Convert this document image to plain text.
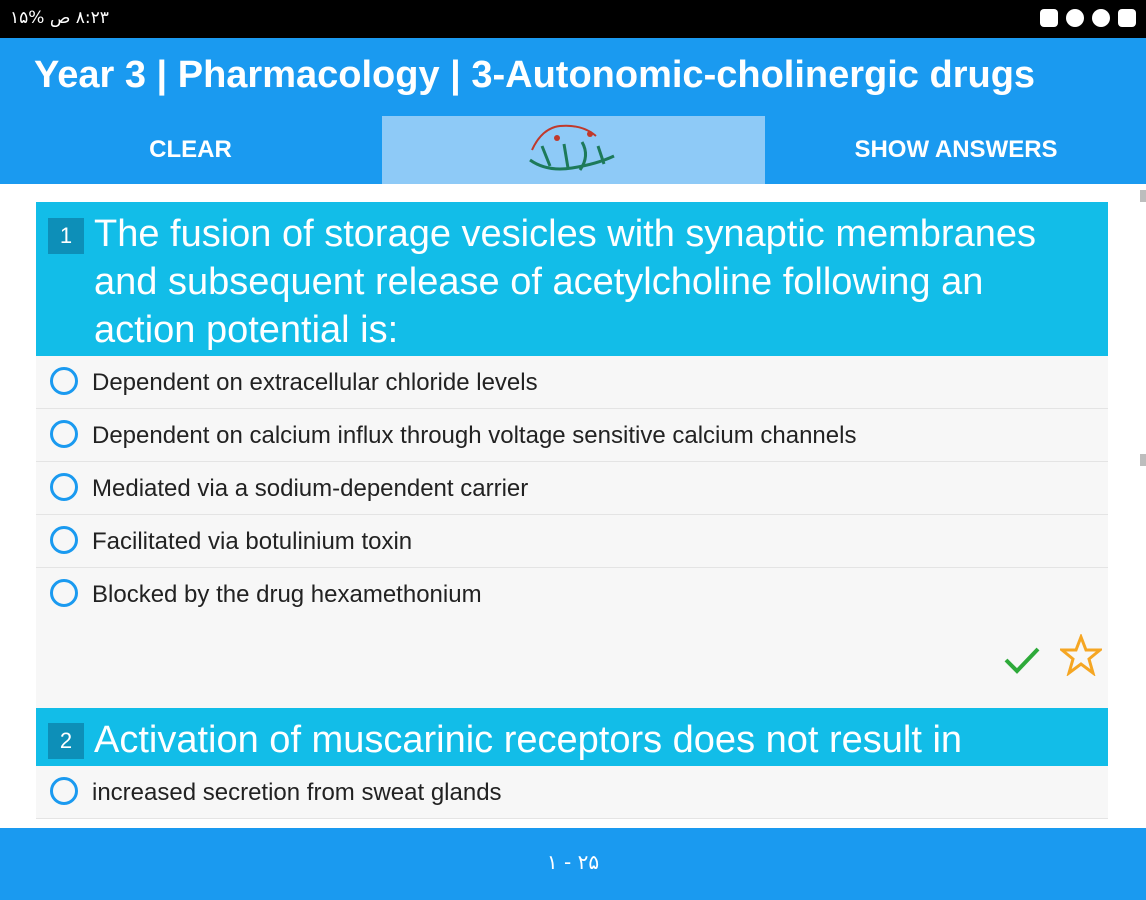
۸:۲۳ ص %۱۵
Year 3 | Pharmacology | 3-Autonomic-cholinergic drugs
CLEAR	SHOW ANSWERS
1 The fusion of storage vesicles with synaptic membranes and subsequent release of acetylcholine following an action potential is:
Dependent on extracellular chloride levels
Dependent on calcium influx through voltage sensitive calcium channels
Mediated via a sodium-dependent carrier
Facilitated via botulinium toxin
Blocked by the drug hexamethonium
2 Activation of muscarinic receptors does not result in
increased secretion from sweat glands
۱ - ۲۵
